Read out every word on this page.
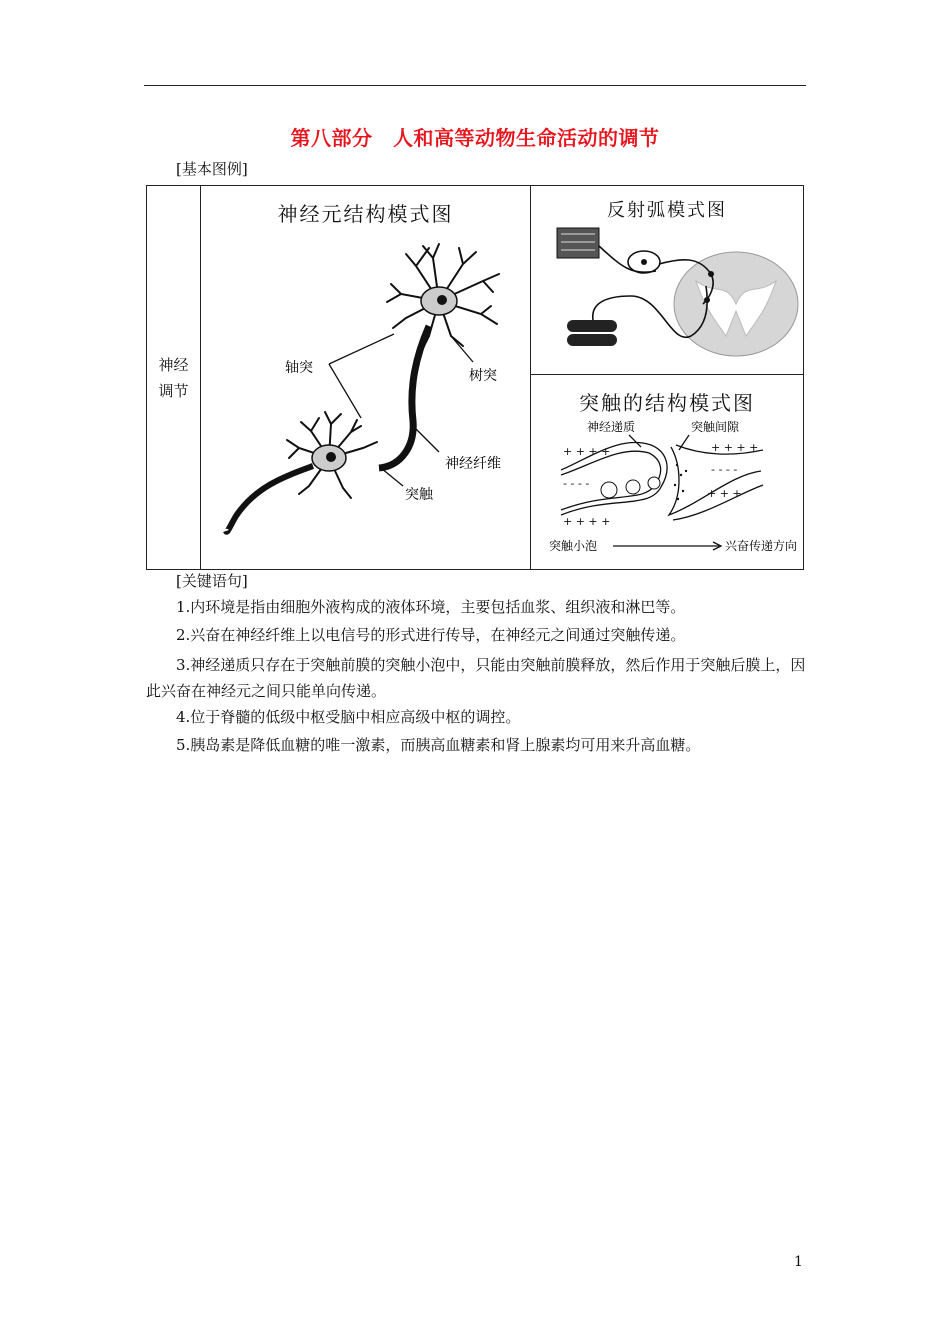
第八部分　人和高等动物生命活动的调节
[基本图例]
神经
调节

神经元结构模式图
轴突	树突
神经纤维
突触

反射弧模式图

突触的结构模式图
+ + + +	+ + + +
- - - -
- - - -
+ + + +
+ + +
神经递质	突触间隙
突触小泡	兴奋传递方向
[关键语句]
1.内环境是指由细胞外液构成的液体环境，主要包括血浆、组织液和淋巴等。
2.兴奋在神经纤维上以电信号的形式进行传导，在神经元之间通过突触传递。
3.神经递质只存在于突触前膜的突触小泡中，只能由突触前膜释放，然后作用于突触后膜上，因此兴奋在神经元之间只能单向传递。
4.位于脊髓的低级中枢受脑中相应高级中枢的调控。
5.胰岛素是降低血糖的唯一激素，而胰高血糖素和肾上腺素均可用来升高血糖。
1
